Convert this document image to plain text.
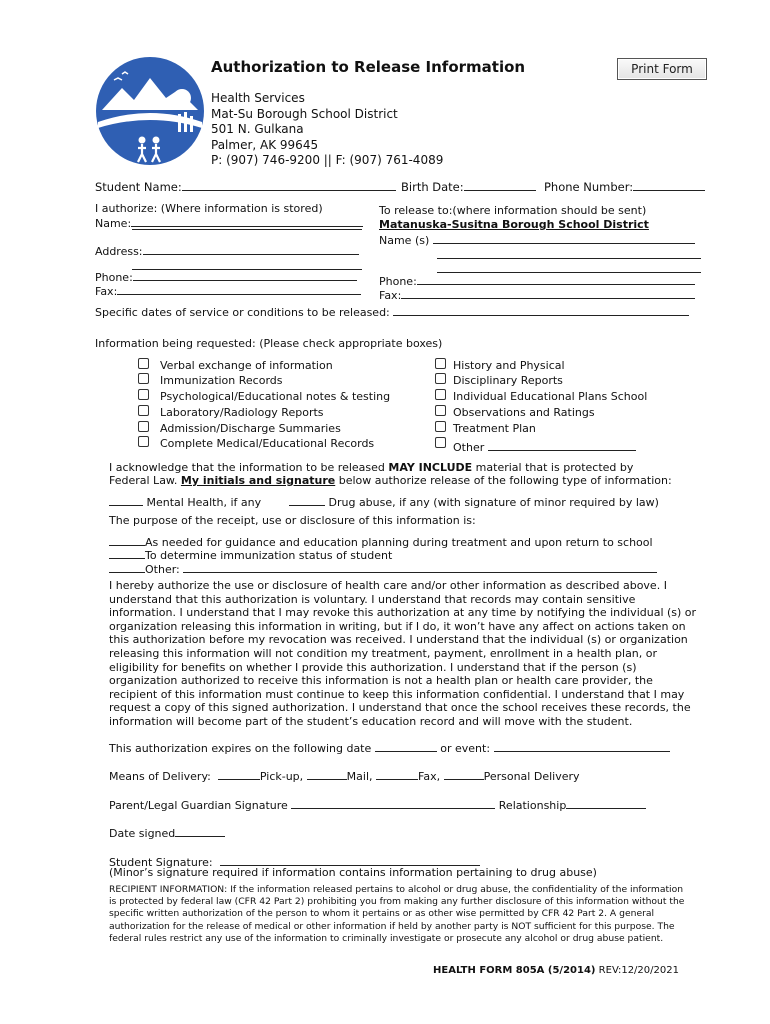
Authorization to Release Information	Print Form
Health Services
Mat-Su Borough School District
501 N. Gulkana
Palmer, AK 99645
P: (907) 746-9200 || F: (907) 761-4089
Student Name:	Birth Date:	Phone Number:
I authorize: (Where information is stored)
Name:
Address:
Phone:
Fax:
To release to:(where information should be sent)
Matanuska-Susitna Borough School District
Name (s)
Phone:
Fax:
Specific dates of service or conditions to be released:
Information being requested: (Please check appropriate boxes)
Verbal exchange of information
Immunization Records
Psychological/Educational notes & testing
Laboratory/Radiology Reports
Admission/Discharge Summaries
Complete Medical/Educational Records
History and Physical
Disciplinary Reports
Individual Educational Plans School
Observations and Ratings
Treatment Plan
Other
I acknowledge that the information to be released MAY INCLUDE material that is protected by
Federal Law. My initials and signature below authorize release of the following type of information:
Mental Health, if any	Drug abuse, if any (with signature of minor required by law)
The purpose of the receipt, use or disclosure of this information is:
As needed for guidance and education planning during treatment and upon return to school
To determine immunization status of student
Other:
I hereby authorize the use or disclosure of health care and/or other information as described above. I understand that this authorization is voluntary. I understand that records may contain sensitive information. I understand that I may revoke this authorization at any time by notifying the individual (s) or organization releasing this information in writing, but if I do, it won’t have any affect on actions taken on this authorization before my revocation was received. I understand that the individual (s) or organization releasing this information will not condition my treatment, payment, enrollment in a health plan, or eligibility for benefits on whether I provide this authorization. I understand that if the person (s) organization authorized to receive this information is not a health plan or health care provider, the recipient of this information must continue to keep this information confidential. I understand that I may request a copy of this signed authorization. I understand that once the school receives these records, the information will become part of the student’s education record and will move with the student.
This authorization expires on the following date	or event:
Means of Delivery:	Pick-up,	Mail,	Fax,	Personal Delivery
Parent/Legal Guardian Signature	Relationship
Date signed
Student Signature:
(Minor’s signature required if information contains information pertaining to drug abuse)
RECIPIENT INFORMATION: If the information released pertains to alcohol or drug abuse, the confidentiality of the information is protected by federal law (CFR 42 Part 2) prohibiting you from making any further disclosure of this information without the specific written authorization of the person to whom it pertains or as other wise permitted by CFR 42 Part 2. A general authorization for the release of medical or other information if held by another party is NOT sufficient for this purpose. The federal rules restrict any use of the information to criminally investigate or prosecute any alcohol or drug abuse patient.
HEALTH FORM 805A (5/2014) REV:12/20/2021
